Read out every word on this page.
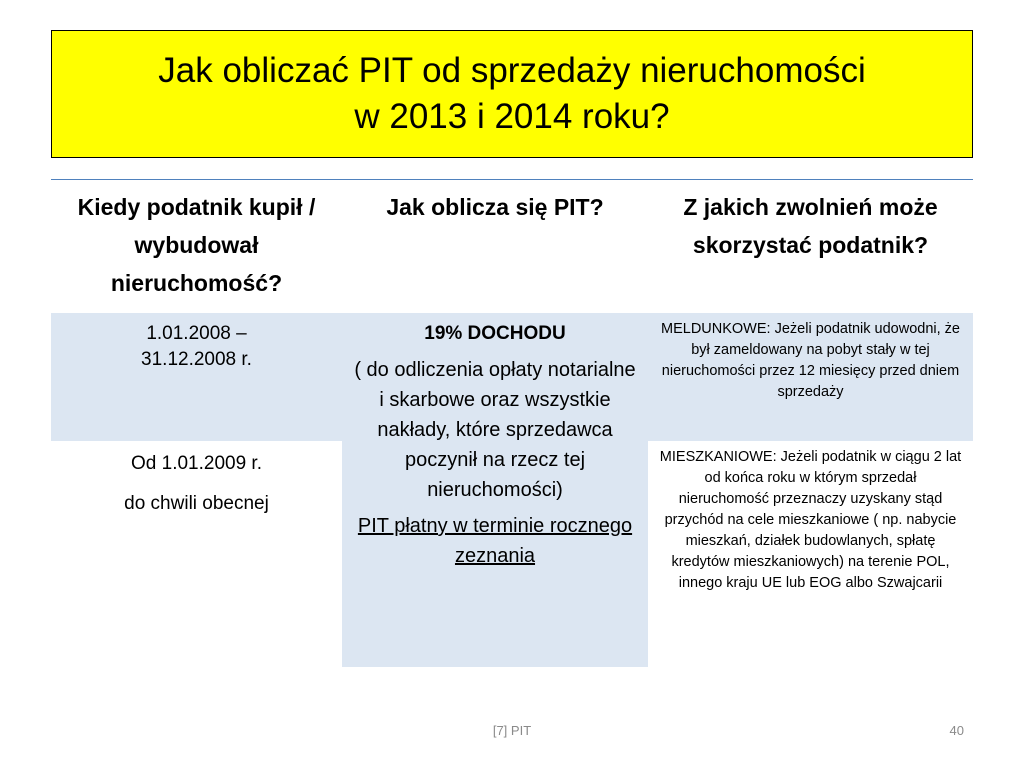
Jak obliczać PIT od sprzedaży nieruchomości
w 2013 i 2014 roku?
Kiedy podatnik kupił / wybudował nieruchomość?
Jak oblicza się PIT?	Z jakich zwolnień może skorzystać podatnik?

1.01.2008 –

31.12.2008 r.

19% DOCHODU

( do odliczenia opłaty notarialne i skarbowe oraz wszystkie nakłady, które sprzedawca poczynił na rzecz tej nieruchomości)

PIT płatny w terminie rocznego zeznania

MELDUNKOWE: Jeżeli podatnik udowodni, że był zameldowany na pobyt stały w tej nieruchomości przez 12 miesięcy przed dniem sprzedaży

Od 1.01.2009 r.

do chwili obecnej

MIESZKANIOWE: Jeżeli podatnik w ciągu 2 lat od końca roku w którym sprzedał nieruchomość przeznaczy uzyskany stąd przychód na cele mieszkaniowe ( np. nabycie mieszkań, działek budowlanych, spłatę kredytów mieszkaniowych) na terenie POL, innego kraju UE lub EOG albo Szwajcarii
[7] PIT	40
